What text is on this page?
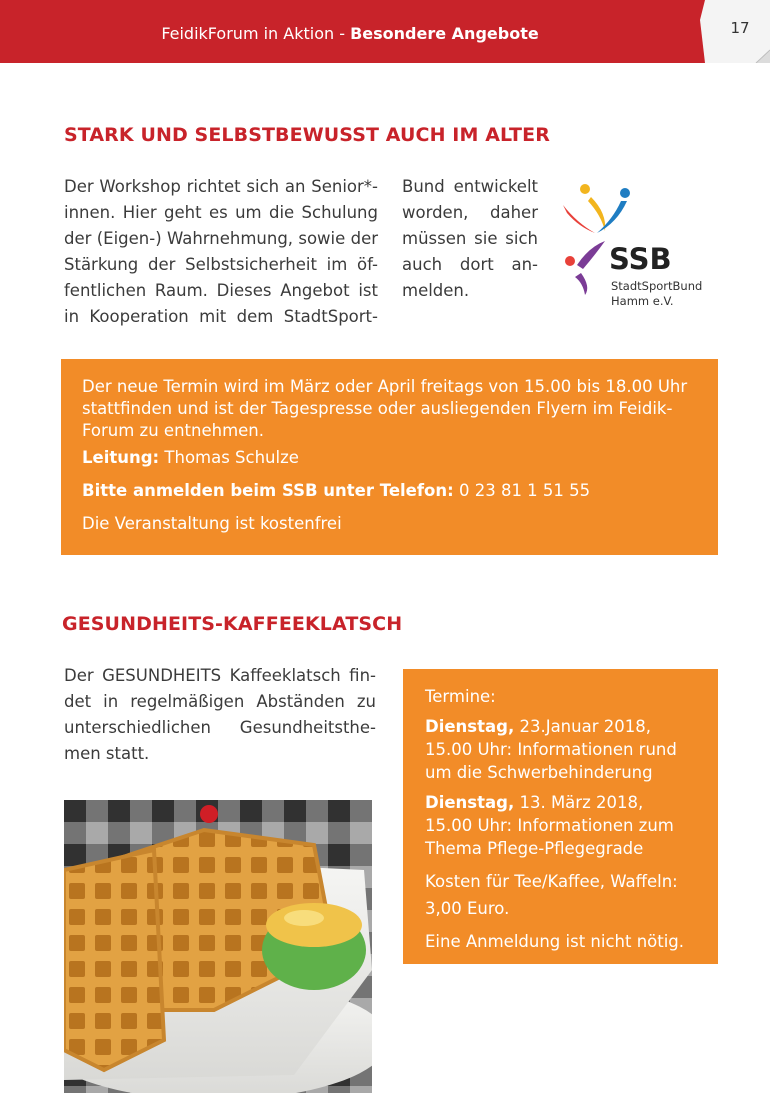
FeidikForum in Aktion - Besondere Angebote	17
STARK UND SELBSTBEWUSST AUCH IM ALTER
Der Workshop richtet sich an Senior*-
innen. Hier geht es um die Schulung
der (Eigen-) Wahrnehmung, sowie der
Stärkung der Selbstsicherheit im öf-
fentlichen Raum. Dieses Angebot ist
in Kooperation mit dem StadtSport-
Bund entwickelt
worden, daher
müssen sie sich
auch dort an-
melden.
SSB
StadtSportBund
Hamm e.V.
Der neue Termin wird im März oder April freitags von 15.00 bis 18.00 Uhr
stattfinden und ist der Tagespresse oder ausliegenden Flyern im Feidik-
Forum zu entnehmen.
Leitung: Thomas Schulze
Bitte anmelden beim SSB unter Telefon: 0 23 81 1 51 55
Die Veranstaltung ist kostenfrei
GESUNDHEITS-KAFFEEKLATSCH
Der GESUNDHEITS Kaffeeklatsch fin-
det in regelmäßigen Abständen zu
unterschiedlichen Gesundheitsthe-
men statt.
Termine:
Dienstag, 23.Januar 2018,
15.00 Uhr: Informationen rund
um die Schwerbehinderung
Dienstag, 13. März 2018,
15.00 Uhr: Informationen zum
Thema Pflege-Pflegegrade
Kosten für Tee/Kaffee, Waffeln:
3,00 Euro.
Eine Anmeldung ist nicht nötig.
